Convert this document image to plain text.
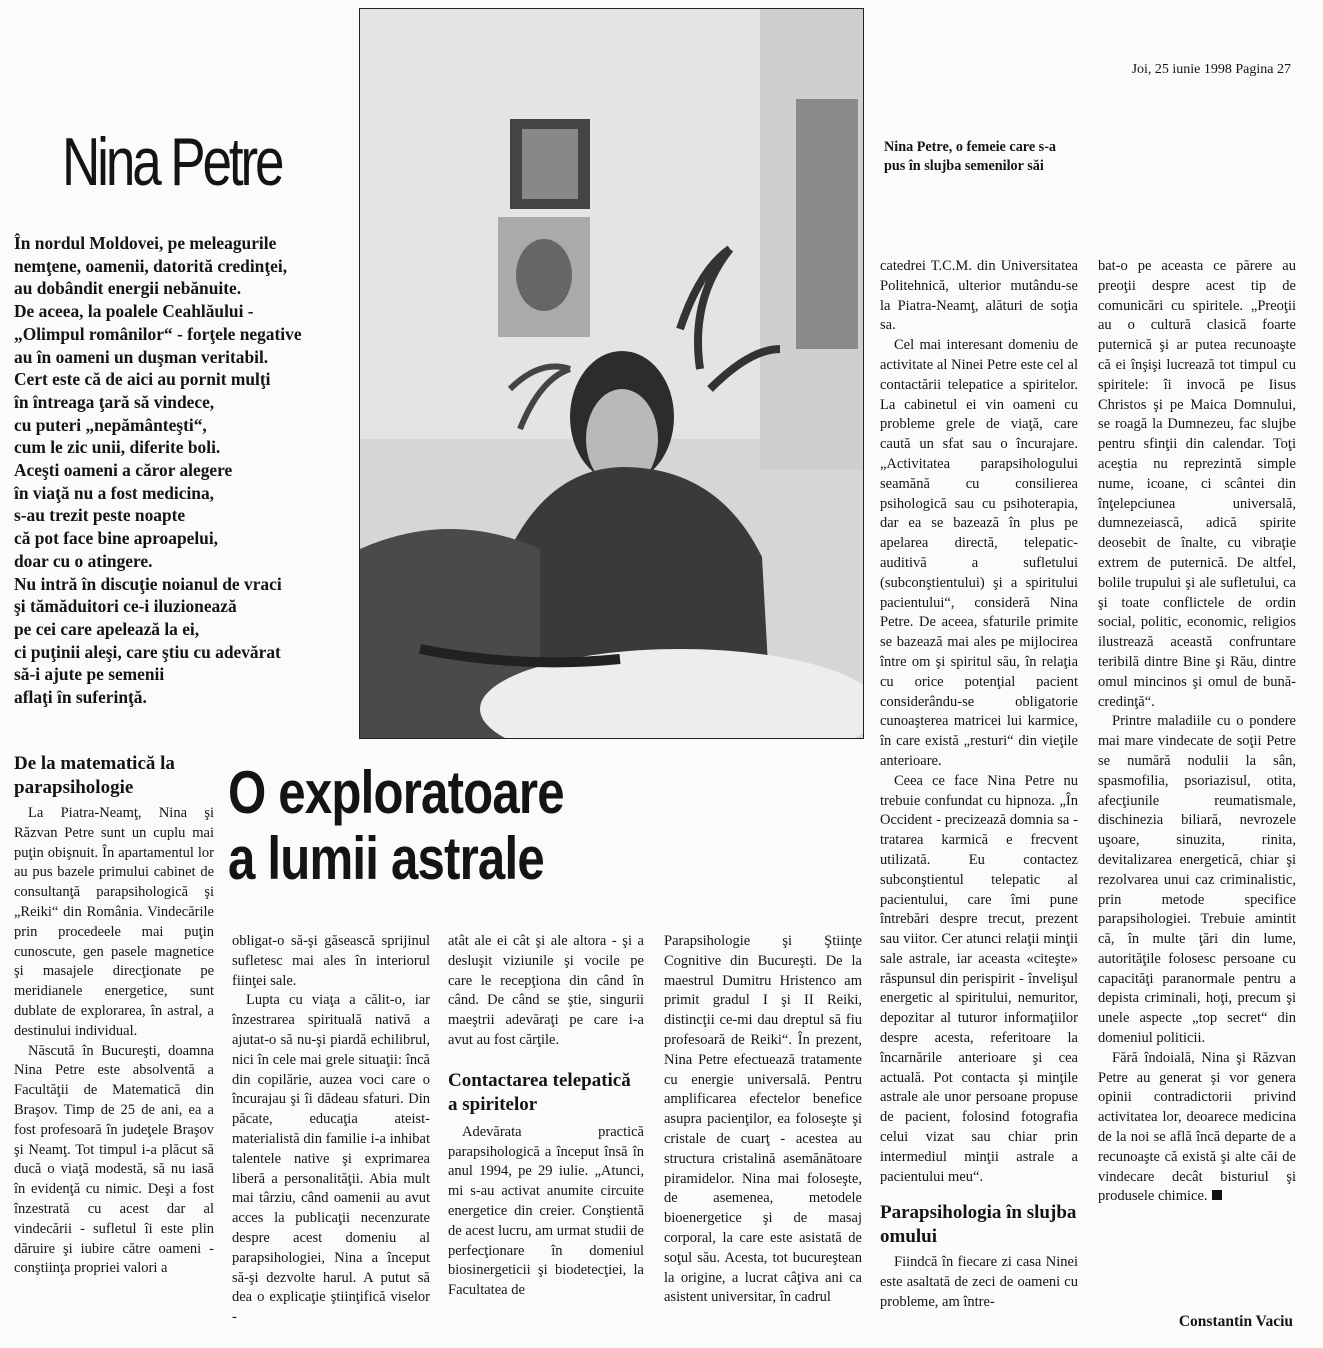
Joi, 25 iunie 1998 Pagina 27
Nina Petre
În nordul Moldovei, pe meleagurile
nemţene, oamenii, datorită credinţei,
au dobândit energii nebănuite.
De aceea, la poalele Ceahlăului -
„Olimpul românilor“ - forţele negative
au în oameni un duşman veritabil.
Cert este că de aici au pornit mulţi
în întreaga ţară să vindece,
cu puteri „nepământeşti“,
cum le zic unii, diferite boli.
Aceşti oameni a căror alegere
în viaţă nu a fost medicina,
s-au trezit peste noapte
că pot face bine aproapelui,
doar cu o atingere.
Nu intră în discuţie noianul de vraci
şi tămăduitori ce-i iluzionează
pe cei care apelează la ei,
ci puţinii aleşi, care ştiu cu adevărat
să-i ajute pe semenii
aflaţi în suferinţă.
Nina Petre, o femeie care s-a pus în slujba semenilor săi
O exploratoare
a lumii astrale
De la matematică la parapsihologie

La Piatra-Neamţ, Nina şi Răzvan Petre sunt un cuplu mai puţin obişnuit. În apartamentul lor au pus bazele primului cabinet de consultanţă parapsihologică şi „Reiki“ din România. Vindecările prin procedeele mai puţin cunoscute, gen pasele magnetice şi masajele direcţionate pe meridianele energetice, sunt dublate de explorarea, în astral, a destinului individual.

Născută în Bucureşti, doamna Nina Petre este absolventă a Facultăţii de Matematică din Braşov. Timp de 25 de ani, ea a fost profesoară în judeţele Braşov şi Neamţ. Tot timpul i-a plăcut să ducă o viaţă modestă, să nu iasă în evidenţă cu nimic. Deşi a fost înzestrată cu acest dar al vindecării - sufletul îi este plin dăruire şi iubire către oameni - conştiinţa propriei valori a

obligat-o să-şi găsească sprijinul sufletesc mai ales în interiorul fiinţei sale.

Lupta cu viaţa a călit-o, iar înzestrarea spirituală nativă a ajutat-o să nu-şi piardă echilibrul, nici în cele mai grele situaţii: încă din copilărie, auzea voci care o încurajau şi îi dădeau sfaturi. Din păcate, educaţia ateist-materialistă din familie i-a inhibat talentele native şi exprimarea liberă a personalităţii. Abia mult mai târziu, când oamenii au avut acces la publicaţii necenzurate despre acest domeniu al parapsihologiei, Nina a început să-şi dezvolte harul. A putut să dea o explicaţie ştiinţifică viselor -

atât ale ei cât şi ale altora - şi a desluşit viziunile şi vocile pe care le recepţiona din când în când. De când se ştie, singurii maeştrii adevăraţi pe care i-a avut au fost cărţile.

Contactarea telepatică a spiritelor

Adevărata practică parapsihologică a început însă în anul 1994, pe 29 iulie. „Atunci, mi s-au activat anumite circuite energetice din creier. Conştientă de acest lucru, am urmat studii de perfecţionare în domeniul biosinergeticii şi biodetecţiei, la Facultatea de

Parapsihologie şi Ştiinţe Cognitive din Bucureşti. De la maestrul Dumitru Hristenco am primit gradul I şi II Reiki, distincţii ce-mi dau dreptul să fiu profesoară de Reiki“. În prezent, Nina Petre efectuează tratamente cu energie universală. Pentru amplificarea efectelor benefice asupra pacienţilor, ea foloseşte şi cristale de cuarţ - acestea au structura cristalină asemănătoare piramidelor. Nina mai foloseşte, de asemenea, metodele bioenergetice şi de masaj corporal, la care este asistată de soţul său. Acesta, tot bucureştean la origine, a lucrat câţiva ani ca asistent universitar, în cadrul

catedrei T.C.M. din Universitatea Politehnică, ulterior mutându-se la Piatra-Neamţ, alături de soţia sa.

Cel mai interesant domeniu de activitate al Ninei Petre este cel al contactării telepatice a spiritelor. La cabinetul ei vin oameni cu probleme grele de viaţă, care caută un sfat sau o încurajare. „Activitatea parapsihologului seamănă cu consilierea psihologică sau cu psihoterapia, dar ea se bazează în plus pe apelarea directă, telepatic-auditivă a sufletului (subconştientului) şi a spiritului pacientului“, consideră Nina Petre. De aceea, sfaturile primite se bazează mai ales pe mijlocirea între om şi spiritul său, în relaţia cu orice potenţial pacient considerându-se obligatorie cunoaşterea matricei lui karmice, în care există „resturi“ din vieţile anterioare.

Ceea ce face Nina Petre nu trebuie confundat cu hipnoza. „În Occident - precizează domnia sa - tratarea karmică e frecvent utilizată. Eu contactez subconştientul telepatic al pacientului, care îmi pune întrebări despre trecut, prezent sau viitor. Cer atunci relaţii minţii sale astrale, iar aceasta «citeşte» răspunsul din perispirit - învelişul energetic al spiritului, nemuritor, depozitar al tuturor informaţiilor despre acesta, referitoare la încarnările anterioare şi cea actuală. Pot contacta şi minţile astrale ale unor persoane propuse de pacient, folosind fotografia celui vizat sau chiar prin intermediul minţii astrale a pacientului meu“.

Parapsihologia în slujba omului

Fiindcă în fiecare zi casa Ninei este asaltată de zeci de oameni cu probleme, am între-

bat-o pe aceasta ce părere au preoţii despre acest tip de comunicări cu spiritele. „Preoţii au o cultură clasică foarte puternică şi ar putea recunoaşte că ei înşişi lucrează tot timpul cu spiritele: îi invocă pe Iisus Christos şi pe Maica Domnului, se roagă la Dumnezeu, fac slujbe pentru sfinţii din calendar. Toţi aceştia nu reprezintă simple nume, icoane, ci scântei din înţelepciunea universală, dumnezeiască, adică spirite deosebit de înalte, cu vibraţie extrem de puternică. De altfel, bolile trupului şi ale sufletului, ca şi toate conflictele de ordin social, politic, economic, religios ilustrează această confruntare teribilă dintre Bine şi Rău, dintre omul mincinos şi omul de bună-credinţă“.

Printre maladiile cu o pondere mai mare vindecate de soţii Petre se numără nodulii la sân, spasmofilia, psoriazisul, otita, afecţiunile reumatismale, dischinezia biliară, nevrozele uşoare, sinuzita, rinita, devitalizarea energetică, chiar şi rezolvarea unui caz criminalistic, prin metode specifice parapsihologiei. Trebuie amintit că, în multe ţări din lume, autorităţile folosesc persoane cu capacităţi paranormale pentru a depista criminali, hoţi, precum şi unele aspecte „top secret“ din domeniul politicii.

Fără îndoială, Nina şi Răzvan Petre au generat şi vor genera opinii contradictorii privind activitatea lor, deoarece medicina de la noi se află încă departe de a recunoaşte că există şi alte căi de vindecare decât bisturiul şi produsele chimice.

Constantin Vaciu
